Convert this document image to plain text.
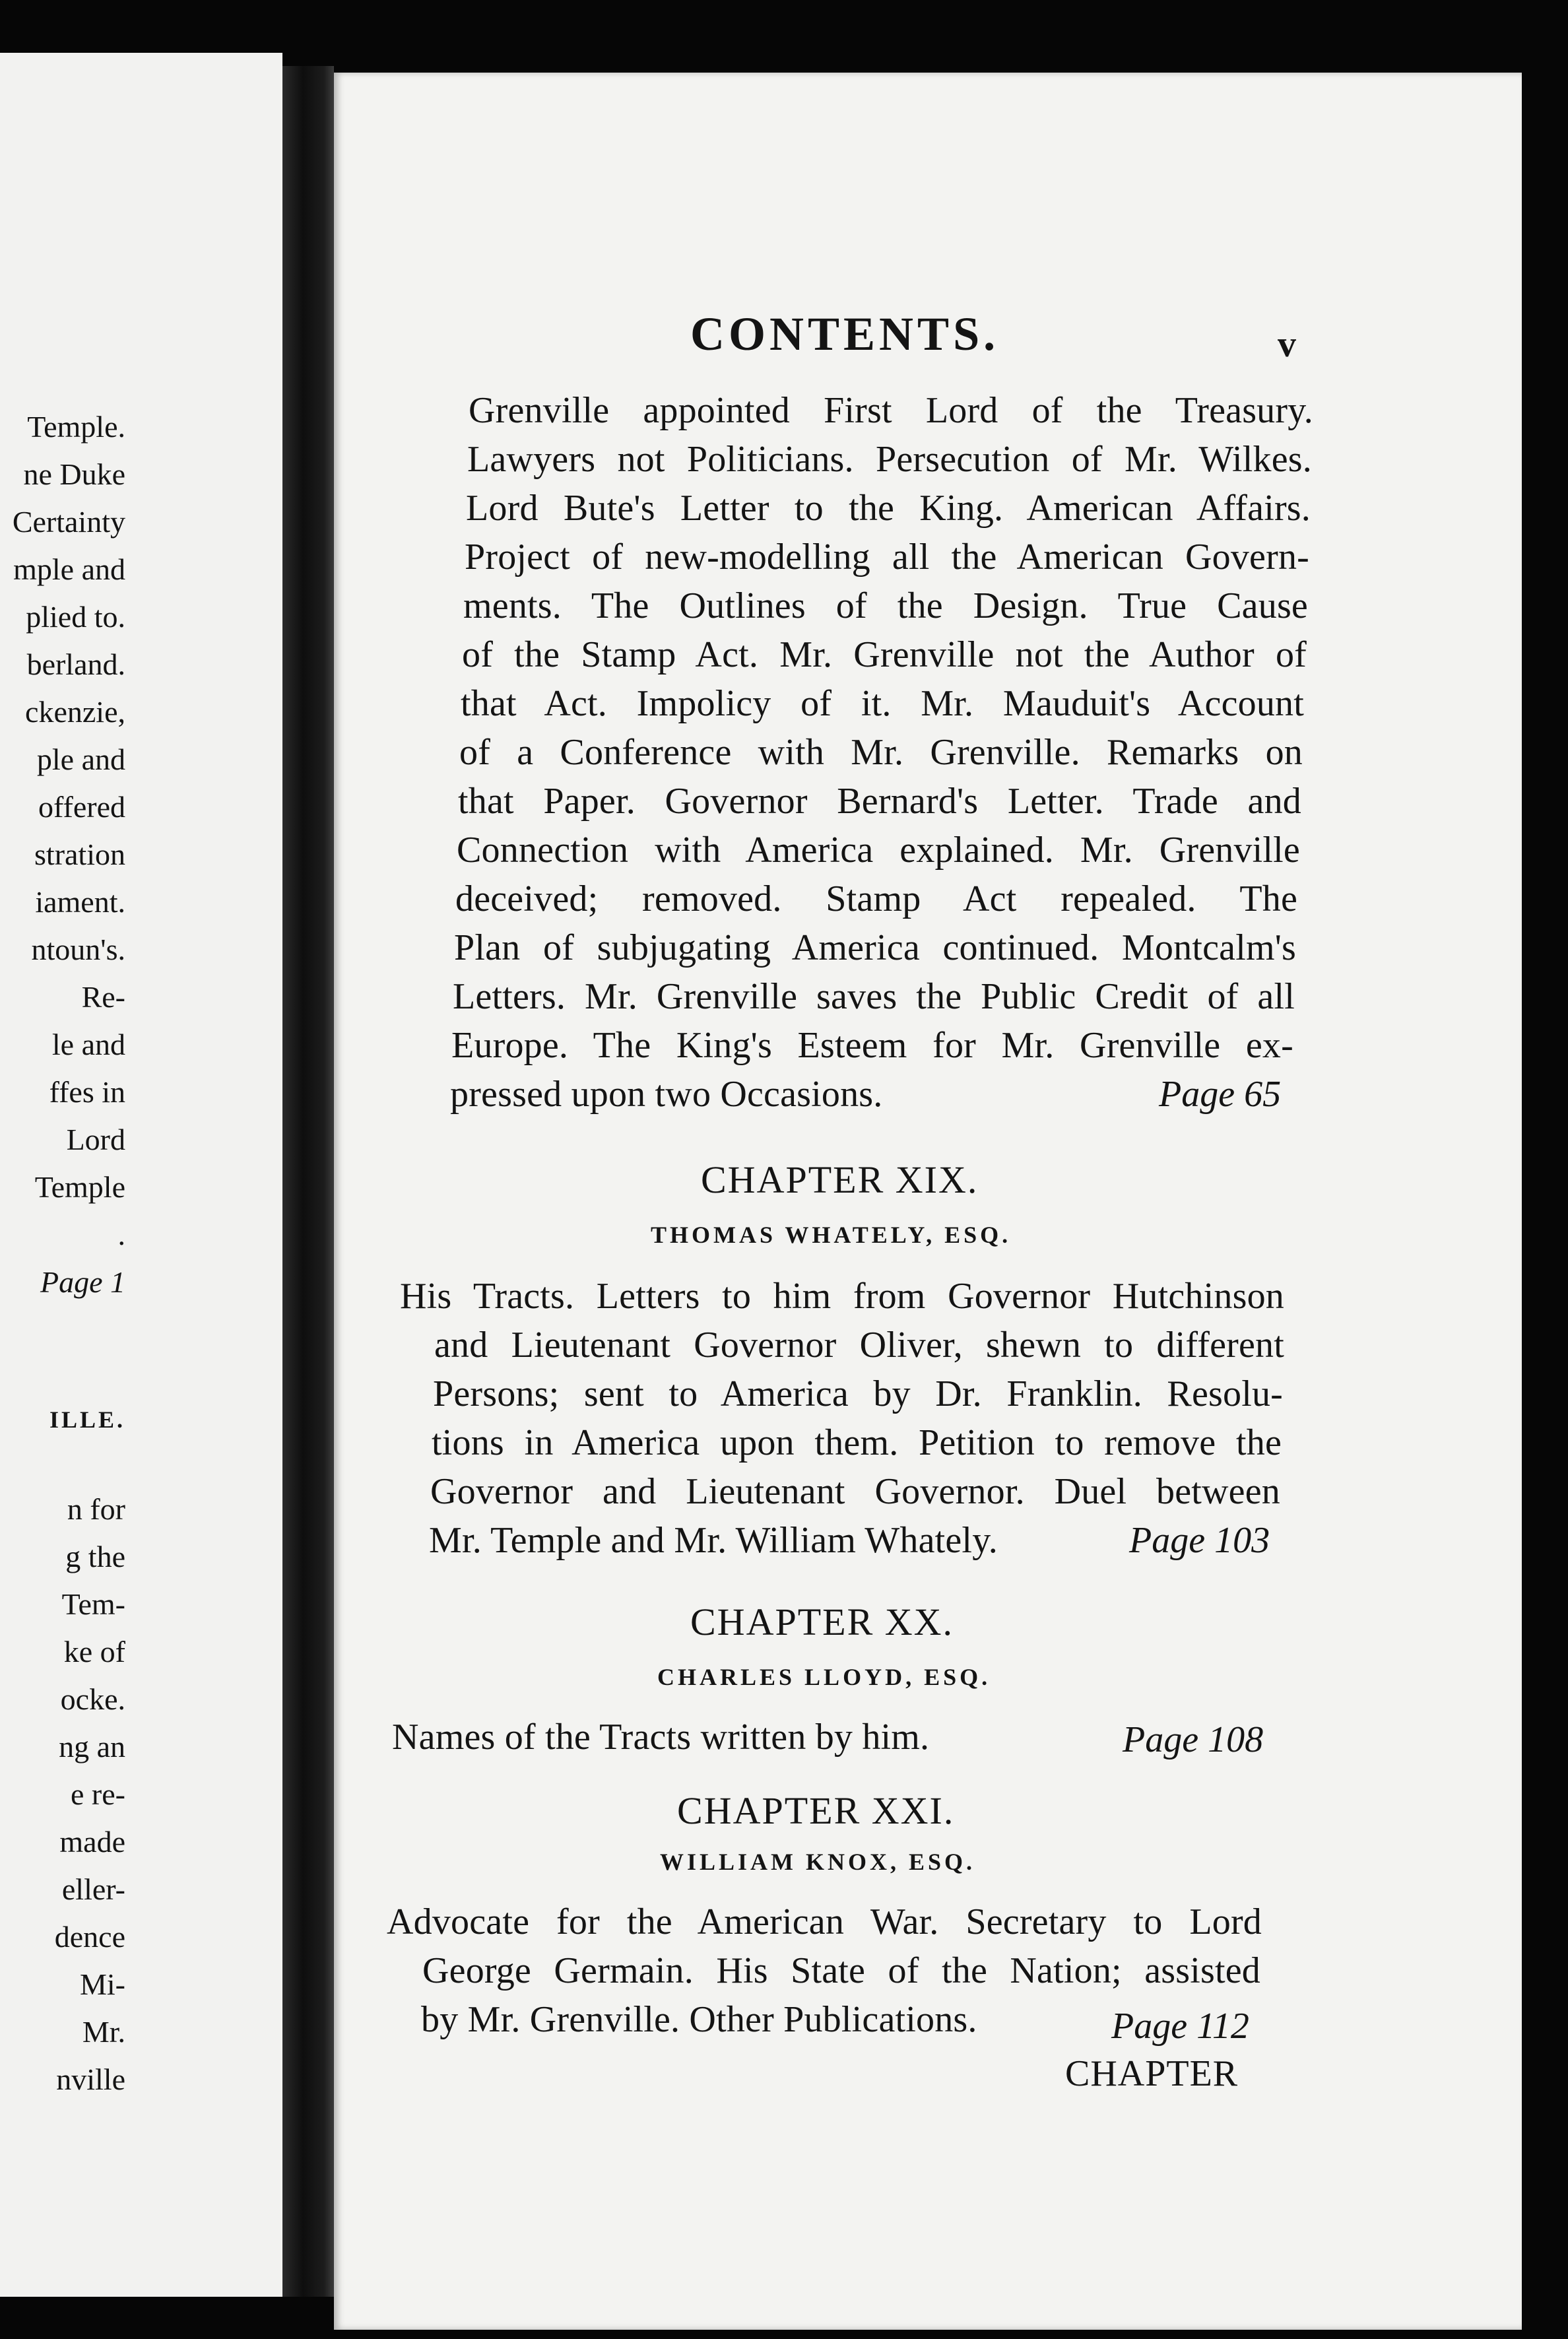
Temple.
ne Duke
Certainty
mple and
plied to.
berland.
ckenzie,
ple and
offered
stration
iament.
ntoun's.
Re-
le and
ffes in
Lord
Temple
.
Page 1
ILLE.
n for
g the
Tem-
ke of
ocke.
ng an
e re-
made
eller-
dence
Mi-
Mr.
nville
CONTENTS.	v
Grenville appointed First Lord of the Treasury.
Lawyers not Politicians. Persecution of Mr. Wilkes.
Lord Bute's Letter to the King. American Affairs.
Project of new-modelling all the American Govern-
ments. The Outlines of the Design. True Cause
of the Stamp Act. Mr. Grenville not the Author of
that Act. Impolicy of it. Mr. Mauduit's Account
of a Conference with Mr. Grenville. Remarks on
that Paper. Governor Bernard's Letter. Trade and
Connection with America explained. Mr. Grenville
deceived; removed. Stamp Act repealed. The
Plan of subjugating America continued. Montcalm's
Letters. Mr. Grenville saves the Public Credit of all
Europe. The King's Esteem for Mr. Grenville ex-
pressed upon two Occasions.	Page 65
CHAPTER XIX.
THOMAS WHATELY, ESQ.
His Tracts. Letters to him from Governor Hutchinson
and Lieutenant Governor Oliver, shewn to different
Persons; sent to America by Dr. Franklin. Resolu-
tions in America upon them. Petition to remove the
Governor and Lieutenant Governor. Duel between
Mr. Temple and Mr. William Whately.	Page 103
CHAPTER XX.
CHARLES LLOYD, ESQ.
Names of the Tracts written by him.	Page 108
CHAPTER XXI.
WILLIAM KNOX, ESQ.
Advocate for the American War. Secretary to Lord
George Germain. His State of the Nation; assisted
by Mr. Grenville. Other Publications.	Page 112
CHAPTER
